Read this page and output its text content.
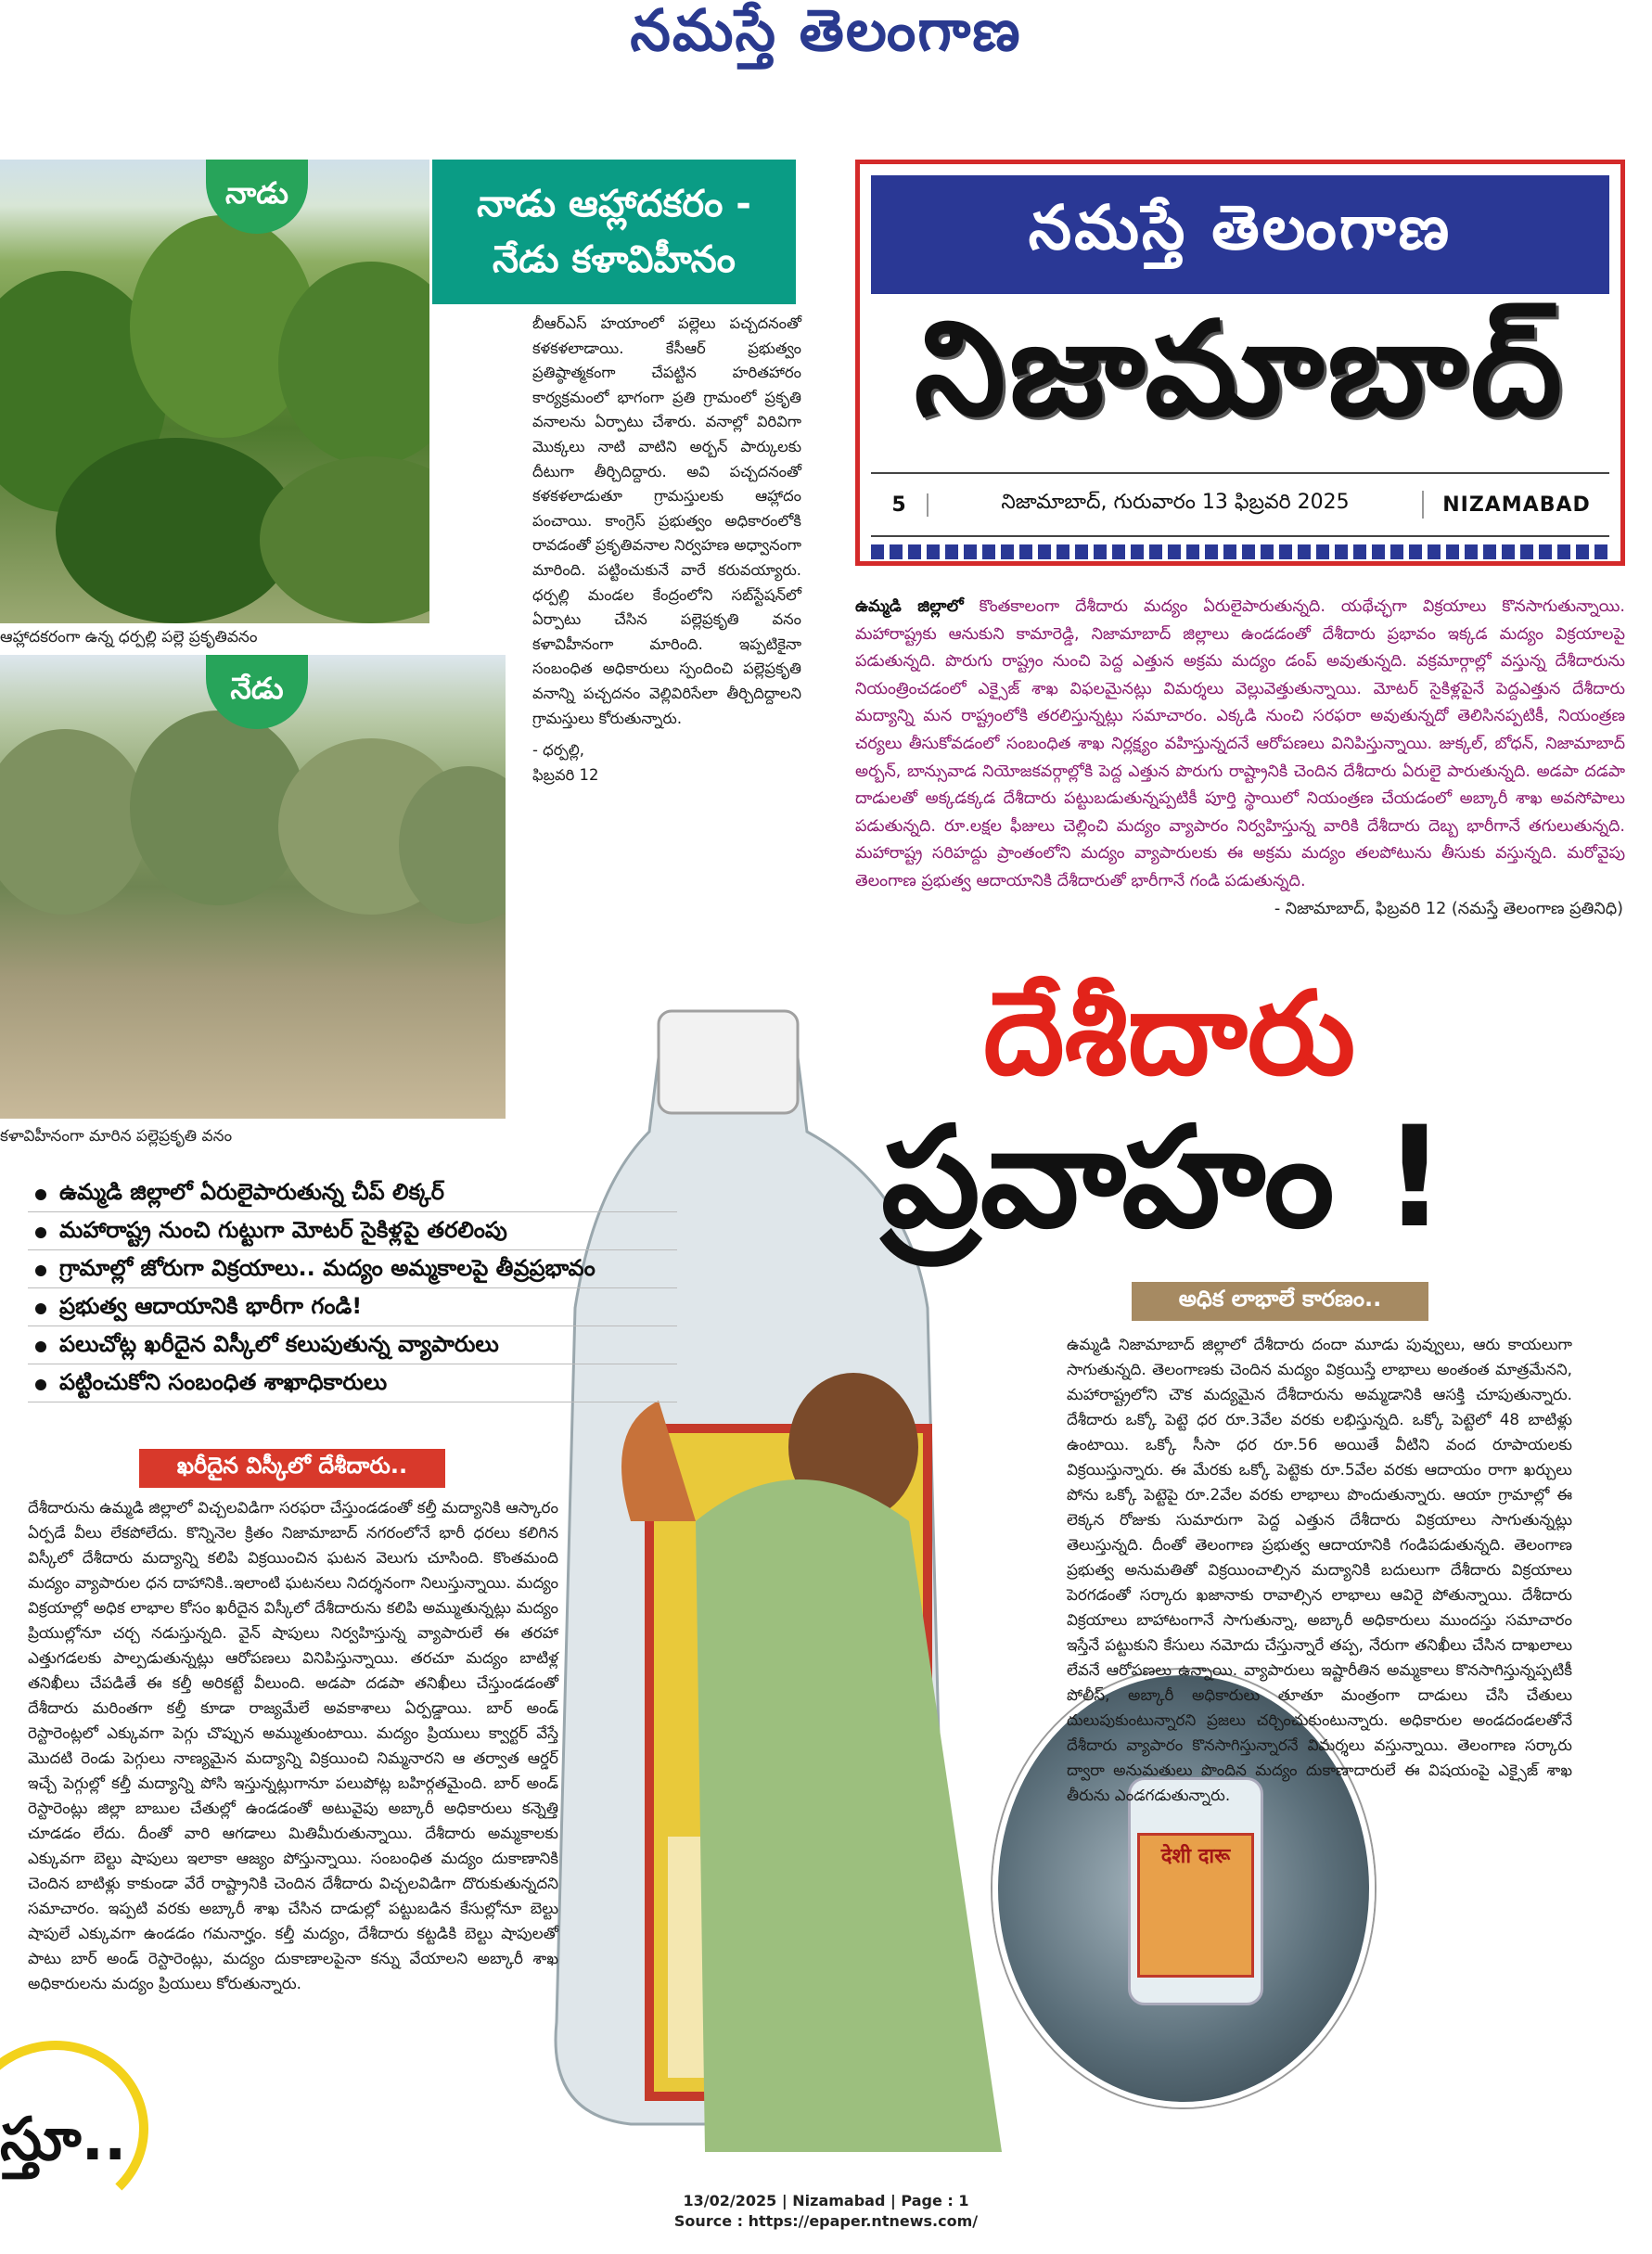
నమస్తే తెలంగాణ
నాడు	నాడు ఆహ్లాదకరం -
నేడు కళావిహీనం
ఆహ్లాదకరంగా ఉన్న ధర్పల్లి పల్లె ప్రకృతివనం
నేడు
కళావిహీనంగా మారిన పల్లెప్రకృతి వనం

బీఆర్‌ఎస్‌ హయాంలో పల్లెలు పచ్చదనంతో కళకళలాడాయి. కేసీఆర్‌ ప్రభుత్వం ప్రతిష్ఠాత్మకంగా చేపట్టిన హరితహారం కార్యక్రమంలో భాగంగా ప్రతి గ్రామంలో ప్రకృతి వనాలను ఏర్పాటు చేశారు. వనాల్లో విరివిగా మొక్కలు నాటి వాటిని అర్బన్‌ పార్కులకు దీటుగా తీర్చిదిద్దారు. అవి పచ్చదనంతో కళకళలాడుతూ గ్రామస్తులకు ఆహ్లాదం పంచాయి. కాంగ్రెస్‌ ప్రభుత్వం అధికారంలోకి రావడంతో ప్రకృతివనాల నిర్వహణ అధ్వానంగా మారింది. పట్టించుకునే వారే కరువయ్యారు. ధర్పల్లి మండల కేంద్రంలోని సబ్‌స్టేషన్‌లో ఏర్పాటు చేసిన పల్లెప్రకృతి వనం కళావిహీనంగా మారింది. ఇప్పటికైనా సంబంధిత అధికారులు స్పందించి పల్లెప్రకృతి వనాన్ని పచ్చదనం వెల్లివిరిసేలా తీర్చిదిద్దాలని గ్రామస్తులు కోరుతున్నారు.

- ధర్పల్లి,

ఫిబ్రవరి 12

నమస్తే తెలంగాణ
నిజామాబాద్‌
5	నిజామాబాద్‌, గురువారం 13 ఫిబ్రవరి 2025	NIZAMABAD
ఉమ్మడి జిల్లాలో కొంతకాలంగా దేశీదారు మద్యం ఏరులైపారుతున్నది. యథేచ్ఛగా విక్రయాలు కొనసాగుతున్నాయి. మహారాష్ట్రకు ఆనుకుని కామారెడ్డి, నిజామాబాద్‌ జిల్లాలు ఉండడంతో దేశీదారు ప్రభావం ఇక్కడ మద్యం విక్రయాలపై పడుతున్నది. పొరుగు రాష్ట్రం నుంచి పెద్ద ఎత్తున అక్రమ మద్యం డంప్‌ అవుతున్నది. వక్రమార్గాల్లో వస్తున్న దేశీదారును నియంత్రించడంలో ఎక్సైజ్‌ శాఖ విఫలమైనట్లు విమర్శలు వెల్లువెత్తుతున్నాయి. మోటర్‌ సైకిళ్లపైనే పెద్దఎత్తున దేశీదారు మద్యాన్ని మన రాష్ట్రంలోకి తరలిస్తున్నట్లు సమాచారం. ఎక్కడి నుంచి సరఫరా అవుతున్నదో తెలిసినప్పటికీ, నియంత్రణ చర్యలు తీసుకోవడంలో సంబంధిత శాఖ నిర్లక్ష్యం వహిస్తున్నదనే ఆరోపణలు వినిపిస్తున్నాయి. జుక్కల్‌, బోధన్‌, నిజామాబాద్‌ అర్బన్‌, బాన్సువాడ నియోజకవర్గాల్లోకి పెద్ద ఎత్తున పొరుగు రాష్ట్రానికి చెందిన దేశీదారు ఏరులై పారుతున్నది. అడపా దడపా దాడులతో అక్కడక్కడ దేశీదారు పట్టుబడుతున్నప్పటికీ పూర్తి స్థాయిలో నియంత్రణ చేయడంలో అబ్కారీ శాఖ అవసోపాలు పడుతున్నది. రూ.లక్షల ఫీజులు చెల్లించి మద్యం వ్యాపారం నిర్వహిస్తున్న వారికి దేశీదారు దెబ్బ భారీగానే తగులుతున్నది. మహారాష్ట్ర సరిహద్దు ప్రాంతంలోని మద్యం వ్యాపారులకు ఈ అక్రమ మద్యం తలపోటును తీసుకు వస్తున్నది. మరోవైపు తెలంగాణ ప్రభుత్వ ఆదాయానికి దేశీదారుతో భారీగానే గండి పడుతున్నది.
- నిజామాబాద్‌, ఫిబ్రవరి 12 (నమస్తే తెలంగాణ ప్రతినిధి)
देशी दारू
దేశీదారు
ప్రవాహం !
ఉమ్మడి జిల్లాలో ఏరులైపారుతున్న చీప్‌ లిక్కర్‌
మహారాష్ట్ర నుంచి గుట్టుగా మోటర్‌ సైకిళ్లపై తరలింపు
గ్రామాల్లో జోరుగా విక్రయాలు.. మద్యం అమ్మకాలపై తీవ్రప్రభావం
ప్రభుత్వ ఆదాయానికి భారీగా గండి!
పలుచోట్ల ఖరీదైన విస్కీలో కలుపుతున్న వ్యాపారులు
పట్టించుకోని సంబంధిత శాఖాధికారులు
ఖరీదైన విస్కీలో దేశీదారు..
అధిక లాభాలే కారణం..

దేశీదారును ఉమ్మడి జిల్లాలో విచ్చలవిడిగా సరఫరా చేస్తుండడంతో కల్తీ మద్యానికి ఆస్కారం ఏర్పడే వీలు లేకపోలేదు. కొన్నినెల క్రితం నిజామాబాద్‌ నగరంలోనే భారీ ధరలు కలిగిన విస్కీలో దేశీదారు మద్యాన్ని కలిపి విక్రయించిన ఘటన వెలుగు చూసింది. కొంతమంది మద్యం వ్యాపారుల ధన దాహానికి..ఇలాంటి ఘటనలు నిదర్శనంగా నిలుస్తున్నాయి. మద్యం విక్రయాల్లో అధిక లాభాల కోసం ఖరీదైన విస్కీలో దేశీదారును కలిపి అమ్ముతున్నట్లు మద్యం ప్రియుల్లోనూ చర్చ నడుస్తున్నది. వైన్‌ షాపులు నిర్వహిస్తున్న వ్యాపారులే ఈ తరహా ఎత్తుగడలకు పాల్పడుతున్నట్లు ఆరోపణలు వినిపిస్తున్నాయి. తరచూ మద్యం బాటిళ్ల తనిఖీలు చేపడితే ఈ కల్తీ అరికట్టే వీలుంది. అడపా దడపా తనిఖీలు చేస్తుండడంతో దేశీదారు మరింతగా కల్తీ కూడా రాజ్యమేలే అవకాశాలు ఏర్పడ్డాయి. బార్‌ అండ్‌ రెస్టారెంట్లలో ఎక్కువగా పెగ్గు చొప్పున అమ్ముతుంటాయి. మద్యం ప్రియులు క్వార్టర్‌ వేస్తే మొదటి రెండు పెగ్గులు నాణ్యమైన మద్యాన్ని విక్రయించి నిమ్మనారని ఆ తర్వాత ఆర్డర్‌ ఇచ్చే పెగ్గుల్లో కల్తీ మద్యాన్ని పోసి ఇస్తున్నట్లుగానూ పలుపోట్ల బహిర్గతమైంది. బార్‌ అండ్‌ రెస్టారెంట్లు జిల్లా బాబుల చేతుల్లో ఉండడంతో అటువైపు అబ్కారీ అధికారులు కన్నెత్తి చూడడం లేదు. దీంతో వారి ఆగడాలు మితిమీరుతున్నాయి. దేశీదారు అమ్మకాలకు ఎక్కువగా బెల్టు షాపులు ఇలాకా ఆజ్యం పోస్తున్నాయి. సంబంధిత మద్యం దుకాణానికి చెందిన బాటిళ్లు కాకుండా వేరే రాష్ట్రానికి చెందిన దేశీదారు విచ్చలవిడిగా దొరుకుతున్నదని సమాచారం. ఇప్పటి వరకు అబ్కారీ శాఖ చేసిన దాడుల్లో పట్టుబడిన కేసుల్లోనూ బెల్టు షాపులే ఎక్కువగా ఉండడం గమనార్హం. కల్తీ మద్యం, దేశీదారు కట్టడికి బెల్టు షాపులతో పాటు బార్‌ అండ్‌ రెస్టారెంట్లు, మద్యం దుకాణాలపైనా కన్ను వేయాలని అబ్కారీ శాఖ అధికారులను మద్యం ప్రియులు కోరుతున్నారు.

ఉమ్మడి నిజామాబాద్‌ జిల్లాలో దేశీదారు దందా మూడు పువ్వులు, ఆరు కాయలుగా సాగుతున్నది. తెలంగాణకు చెందిన మద్యం విక్రయిస్తే లాభాలు అంతంత మాత్రమేనని, మహారాష్ట్రలోని చౌక మద్యమైన దేశీదారును అమ్మడానికి ఆసక్తి చూపుతున్నారు. దేశీదారు ఒక్కో పెట్టె ధర రూ.3వేల వరకు లభిస్తున్నది. ఒక్కో పెట్టెలో 48 బాటిళ్లు ఉంటాయి. ఒక్కో సీసా ధర రూ.56 అయితే వీటిని వంద రూపాయలకు విక్రయిస్తున్నారు. ఈ మేరకు ఒక్కో పెట్టెకు రూ.5వేల వరకు ఆదాయం రాగా ఖర్చులు పోను ఒక్కో పెట్టెపై రూ.2వేల వరకు లాభాలు పొందుతున్నారు. ఆయా గ్రామాల్లో ఈ లెక్కన రోజుకు సుమారుగా పెద్ద ఎత్తున దేశీదారు విక్రయాలు సాగుతున్నట్లు తెలుస్తున్నది. దీంతో తెలంగాణ ప్రభుత్వ ఆదాయానికి గండిపడుతున్నది. తెలంగాణ ప్రభుత్వ అనుమతితో విక్రయించాల్సిన మద్యానికి బదులుగా దేశీదారు విక్రయాలు పెరగడంతో సర్కారు ఖజానాకు రావాల్సిన లాభాలు ఆవిరై పోతున్నాయి. దేశీదారు విక్రయాలు బాహాటంగానే సాగుతున్నా, అబ్కారీ అధికారులు ముందస్తు సమాచారం ఇస్తేనే పట్టుకుని కేసులు నమోదు చేస్తున్నారే తప్ప, నేరుగా తనిఖీలు చేసిన దాఖలాలు లేవనే ఆరోపణలు ఉన్నాయి. వ్యాపారులు ఇష్టారీతిన అమ్మకాలు కొనసాగిస్తున్నప్పటికీ పోలీస్‌, అబ్కారీ అధికారులు తూతూ మంత్రంగా దాడులు చేసి చేతులు దులుపుకుంటున్నారని ప్రజలు చర్చించుకుంటున్నారు. అధికారుల అండదండలతోనే దేశీదారు వ్యాపారం కొనసాగిస్తున్నారనే విమర్శలు వస్తున్నాయి. తెలంగాణ సర్కారు ద్వారా అనుమతులు పొందిన మద్యం దుకాణాదారులే ఈ విషయంపై ఎక్సైజ్‌ శాఖ తీరును ఎండగడుతున్నారు.

స్తూ..
13/02/2025 | Nizamabad | Page : 1
Source : https://epaper.ntnews.com/
